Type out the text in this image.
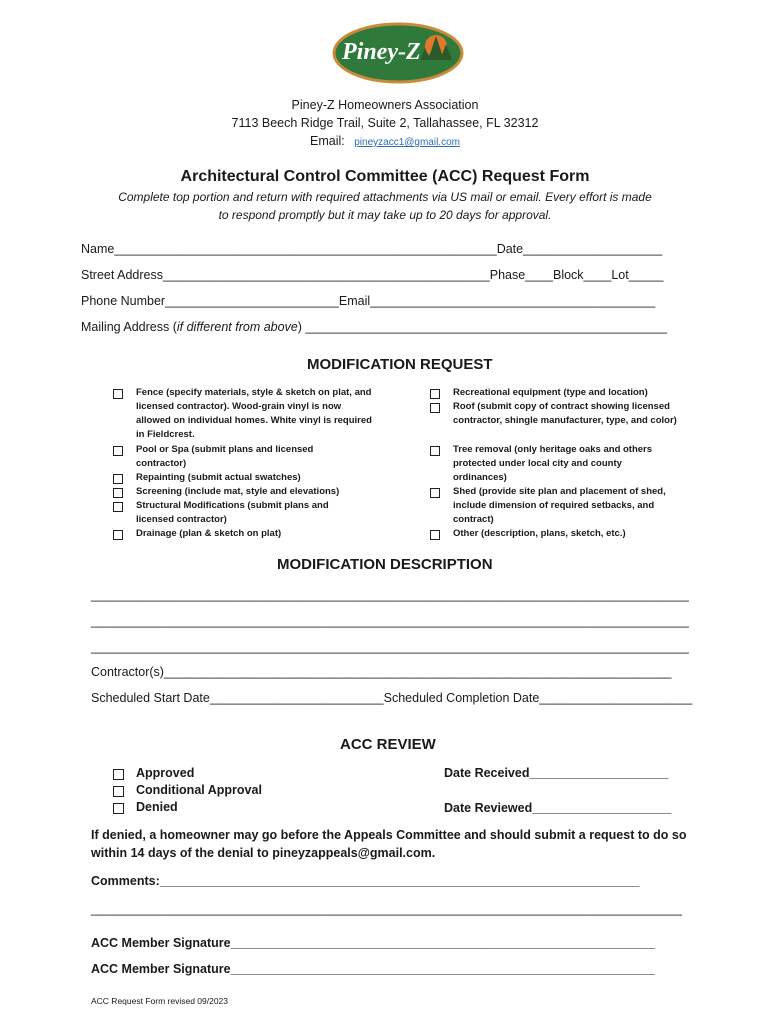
Piney-Z
Piney-Z Homeowners Association
7113 Beech Ridge Trail, Suite 2, Tallahassee, FL 32312
Email: pineyzacc1@gmail.com
Architectural Control Committee (ACC) Request Form
Complete top portion and return with required attachments via US mail or email. Every effort is made
to respond promptly but it may take up to 20 days for approval.
Name_______________________________________________________Date____________________
Street Address_______________________________________________Phase____Block____Lot_____
Phone Number_________________________Email_________________________________________
Mailing Address (if different from above) ____________________________________________________
MODIFICATION REQUEST
Fence (specify materials, style & sketch on plat, and licensed contractor). Wood-grain vinyl is now allowed on individual homes. White vinyl is required in Fieldcrest.
Pool or Spa (submit plans and licensed contractor)
Repainting (submit actual swatches)
Screening (include mat, style and elevations)
Structural Modifications (submit plans and licensed contractor)
Drainage (plan & sketch on plat)
Recreational equipment (type and location)
Roof (submit copy of contract showing licensed contractor, shingle manufacturer, type, and color)
Tree removal (only heritage oaks and others protected under local city and county ordinances)
Shed (provide site plan and placement of shed, include dimension of required setbacks, and contract)
Other (description, plans, sketch, etc.)
MODIFICATION DESCRIPTION
______________________________________________________________________________________
______________________________________________________________________________________
______________________________________________________________________________________
Contractor(s)_________________________________________________________________________
Scheduled Start Date_________________________Scheduled Completion Date______________________
ACC REVIEW
Approved
Conditional Approval
Denied
Date Received____________________
Date Reviewed____________________
If denied, a homeowner may go before the Appeals Committee and should submit a request to do so
within 14 days of the denial to pineyzappeals@gmail.com.
Comments:_____________________________________________________________________
_____________________________________________________________________________________
ACC Member Signature_____________________________________________________________
ACC Member Signature_____________________________________________________________
ACC Request Form revised 09/2023
